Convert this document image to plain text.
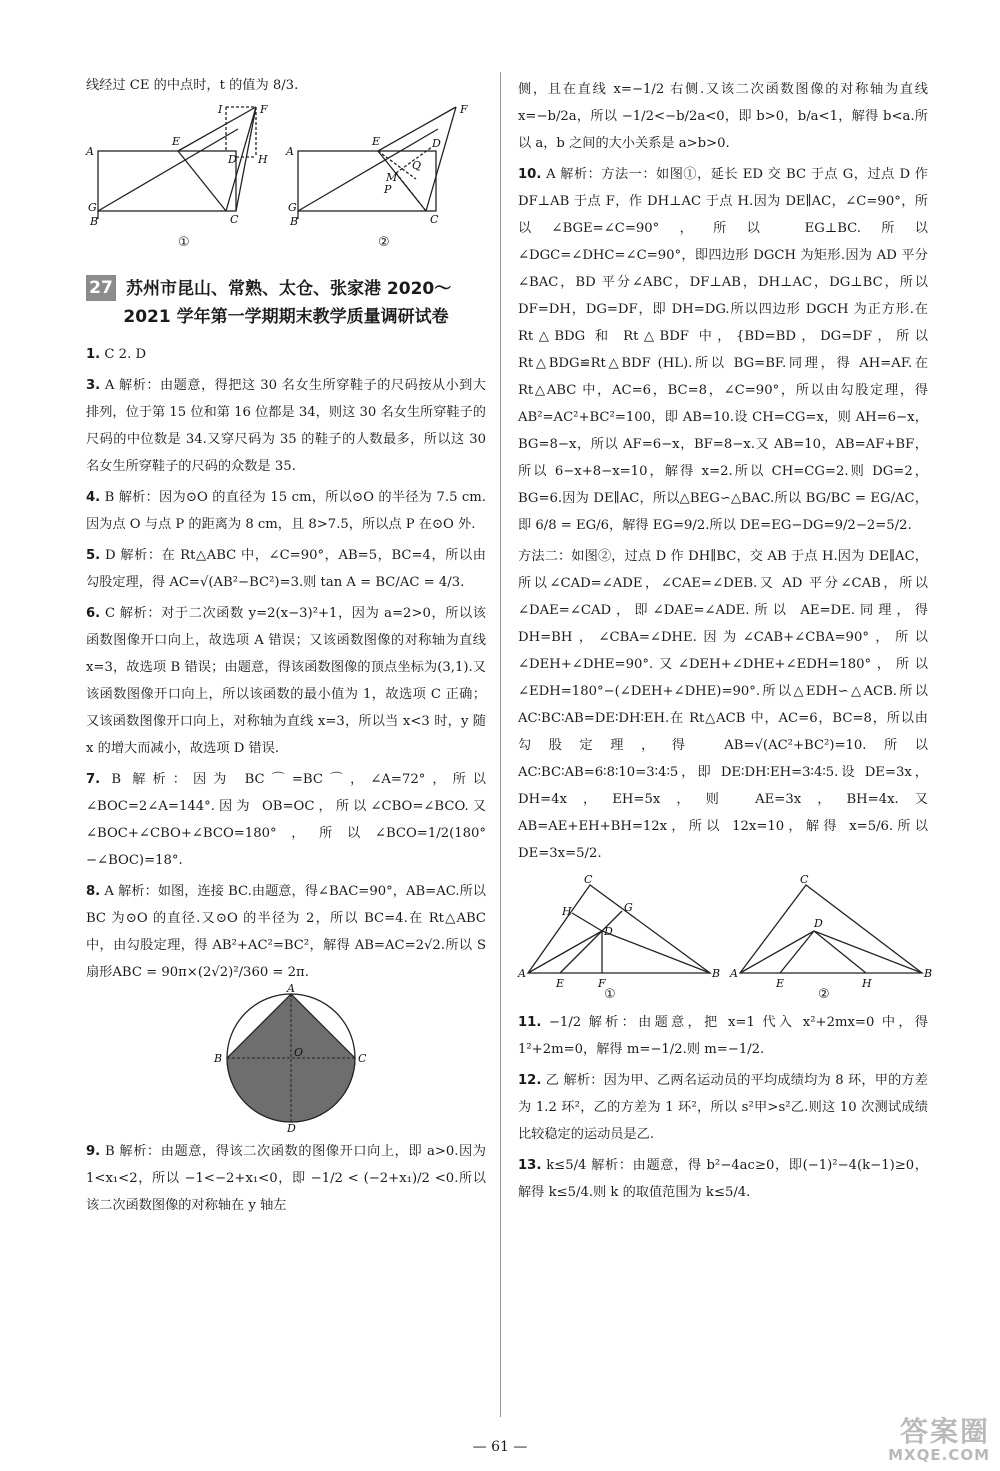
线经过 CE 的中点时，t 的值为 8/3.

A
E
F
I
D H
G
B	C
A
E
F
D
Q
M
P
G
B	C
①	②
27 苏州市昆山、常熟、太仓、张家港 2020～
2021 学年第一学期期末教学质量调研试卷

1. C 2. D

3. A 解析：由题意，得把这 30 名女生所穿鞋子的尺码按从小到大排列，位于第 15 位和第 16 位都是 34，则这 30 名女生所穿鞋子的尺码的中位数是 34.又穿尺码为 35 的鞋子的人数最多，所以这 30 名女生所穿鞋子的尺码的众数是 35.

4. B 解析：因为⊙O 的直径为 15 cm，所以⊙O 的半径为 7.5 cm.因为点 O 与点 P 的距离为 8 cm，且 8>7.5，所以点 P 在⊙O 外.

5. D 解析：在 Rt△ABC 中，∠C=90°，AB=5，BC=4，所以由勾股定理，得 AC=√(AB²−BC²)=3.则 tan A = BC/AC = 4/3.

6. C 解析：对于二次函数 y=2(x−3)²+1，因为 a=2>0，所以该函数图像开口向上，故选项 A 错误；又该函数图像的对称轴为直线 x=3，故选项 B 错误；由题意，得该函数图像的顶点坐标为(3,1).又该函数图像开口向上，所以该函数的最小值为 1，故选项 C 正确；又该函数图像开口向上，对称轴为直线 x=3，所以当 x<3 时，y 随 x 的增大而减小，故选项 D 错误.

7. B 解析：因为 BC⌒=BC⌒，∠A=72°，所以∠BOC=2∠A=144°.因为 OB=OC，所以∠CBO=∠BCO.又∠BOC+∠CBO+∠BCO=180°，所以∠BCO=1/2(180°−∠BOC)=18°.

8. A 解析：如图，连接 BC.由题意，得∠BAC=90°，AB=AC.所以 BC 为⊙O 的直径.又⊙O 的半径为 2，所以 BC=4.在 Rt△ABC 中，由勾股定理，得 AB²+AC²=BC²，解得 AB=AC=2√2.所以 S扇形ABC = 90π×(2√2)²/360 = 2π.

A
B	C
O
D

9. B 解析：由题意，得该二次函数的图像开口向上，即 a>0.因为 1<x₁<2，所以 −1<−2+x₁<0，即 −1/2 < (−2+x₁)/2 <0.所以该二次函数图像的对称轴在 y 轴左

侧，且在直线 x=−1/2 右侧.又该二次函数图像的对称轴为直线 x=−b/2a，所以 −1/2<−b/2a<0，即 b>0，b/a<1，解得 b<a.所以 a，b 之间的大小关系是 a>b>0.

10. A 解析：方法一：如图①，延长 ED 交 BC 于点 G，过点 D 作 DF⊥AB 于点 F，作 DH⊥AC 于点 H.因为 DE∥AC，∠C=90°，所以∠BGE=∠C=90°，所以 EG⊥BC.所以∠DGC=∠DHC=∠C=90°，即四边形 DGCH 为矩形.因为 AD 平分∠BAC，BD 平分∠ABC，DF⊥AB，DH⊥AC，DG⊥BC，所以 DF=DH，DG=DF，即 DH=DG.所以四边形 DGCH 为正方形.在 Rt△BDG 和 Rt△BDF 中，{BD=BD，DG=DF，所以 Rt△BDG≌Rt△BDF (HL).所以 BG=BF.同理，得 AH=AF.在 Rt△ABC 中，AC=6，BC=8，∠C=90°，所以由勾股定理，得 AB²=AC²+BC²=100，即 AB=10.设 CH=CG=x，则 AH=6−x，BG=8−x，所以 AF=6−x，BF=8−x.又 AB=10，AB=AF+BF，所以 6−x+8−x=10，解得 x=2.所以 CH=CG=2.则 DG=2，BG=6.因为 DE∥AC，所以△BEG∽△BAC.所以 BG/BC = EG/AC，即 6/8 = EG/6，解得 EG=9/2.所以 DE=EG−DG=9/2−2=5/2.

方法二：如图②，过点 D 作 DH∥BC，交 AB 于点 H.因为 DE∥AC，所以∠CAD=∠ADE，∠CAE=∠DEB.又 AD 平分∠CAB，所以∠DAE=∠CAD，即∠DAE=∠ADE.所以 AE=DE.同理，得 DH=BH，∠CBA=∠DHE.因为∠CAB+∠CBA=90°，所以∠DEH+∠DHE=90°.又∠DEH+∠DHE+∠EDH=180°，所以∠EDH=180°−(∠DEH+∠DHE)=90°.所以△EDH∽△ACB.所以 AC∶BC∶AB=DE∶DH∶EH.在 Rt△ACB 中，AC=6，BC=8，所以由勾股定理，得 AB=√(AC²+BC²)=10.所以 AC∶BC∶AB=6∶8∶10=3∶4∶5，即 DE∶DH∶EH=3∶4∶5.设 DE=3x，DH=4x，EH=5x，则 AE=3x，BH=4x.又 AB=AE+EH+BH=12x，所以 12x=10，解得 x=5/6.所以 DE=3x=5/2.

C
H	G
D
A	B
E	F
C
D
A	B
E	H
①	②

11. −1/2 解析：由题意，把 x=1 代入 x²+2mx=0 中，得 1²+2m=0，解得 m=−1/2.则 m=−1/2.

12. 乙 解析：因为甲、乙两名运动员的平均成绩均为 8 环，甲的方差为 1.2 环²，乙的方差为 1 环²，所以 s²甲>s²乙.则这 10 次测试成绩比较稳定的运动员是乙.

13. k≤5/4 解析：由题意，得 b²−4ac≥0，即(−1)²−4(k−1)≥0，解得 k≤5/4.则 k 的取值范围为 k≤5/4.

— 61 —	答案圈
MXQE.COM
